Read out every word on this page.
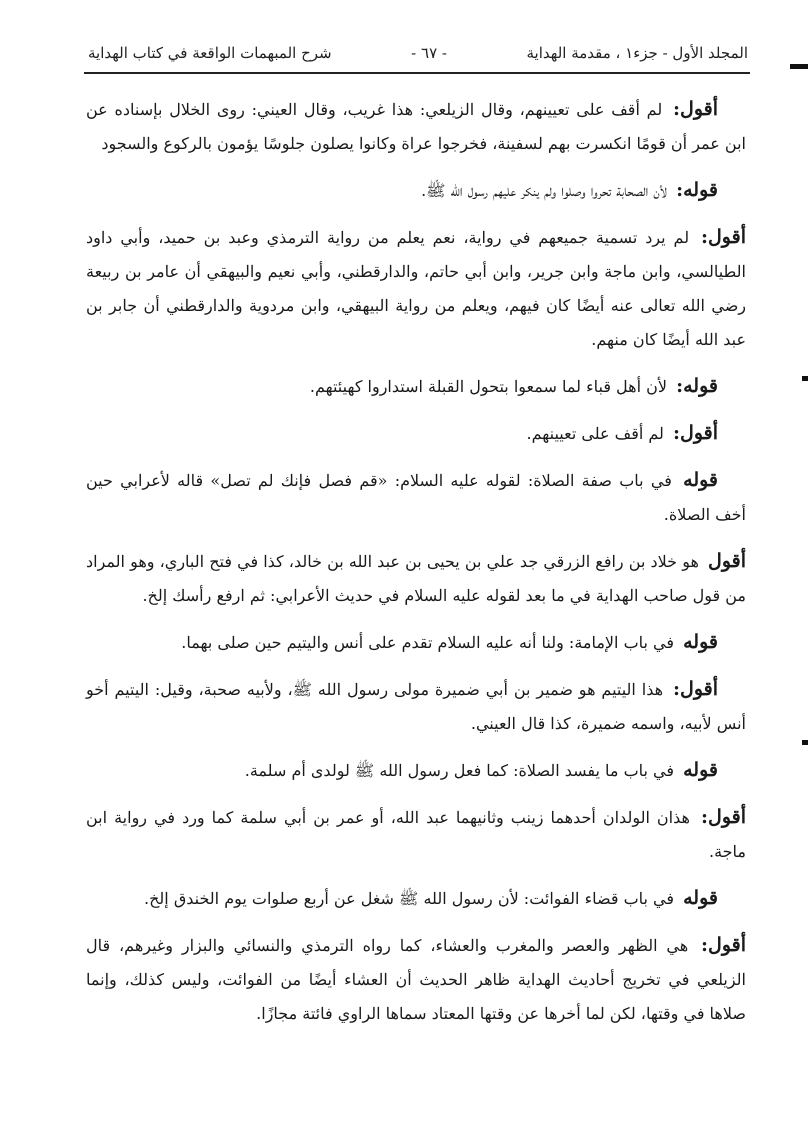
المجلد الأول - جزء١ ، مقدمة الهداية
- ٦٧ -
شرح المبهمات الواقعة في كتاب الهداية

أقول: لم أقف على تعيينهم، وقال الزيلعي: هذا غريب، وقال العيني: روى الخلال بإسناده عن ابن عمر أن قومًا انكسرت بهم لسفينة، فخرجوا عراة وكانوا يصلون جلوسًا يؤمون بالركوع والسجود

قوله: لأن الصحابة تحروا وصلوا ولم ينكر عليهم رسول الله ﷺ.

أقول: لم يرد تسمية جميعهم في رواية، نعم يعلم من رواية الترمذي وعبد بن حميد، وأبي داود الطيالسي، وابن ماجة وابن جرير، وابن أبي حاتم، والدارقطني، وأبي نعيم والبيهقي أن عامر بن ربيعة رضي الله تعالى عنه أيضًا كان فيهم، ويعلم من رواية البيهقي، وابن مردوية والدارقطني أن جابر بن عبد الله أيضًا كان منهم.

قوله: لأن أهل قباء لما سمعوا بتحول القبلة استداروا كهيئتهم.

أقول: لم أقف على تعيينهم.

قوله في باب صفة الصلاة: لقوله عليه السلام: «قم فصل فإنك لم تصل» قاله لأعرابي حين أخف الصلاة.

أقول هو خلاد بن رافع الزرقي جد علي بن يحيى بن عبد الله بن خالد، كذا في فتح الباري، وهو المراد من قول صاحب الهداية في ما بعد لقوله عليه السلام في حديث الأعرابي: ثم ارفع رأسك إلخ.

قوله في باب الإمامة: ولنا أنه عليه السلام تقدم على أنس واليتيم حين صلى بهما.

أقول: هذا اليتيم هو ضمير بن أبي ضميرة مولى رسول الله ﷺ، ولأبيه صحبة، وقيل: اليتيم أخو أنس لأبيه، واسمه ضميرة، كذا قال العيني.

قوله في باب ما يفسد الصلاة: كما فعل رسول الله ﷺ لولدى أم سلمة.

أقول: هذان الولدان أحدهما زينب وثانيهما عبد الله، أو عمر بن أبي سلمة كما ورد في رواية ابن ماجة.

قوله في باب قضاء الفوائت: لأن رسول الله ﷺ شغل عن أربع صلوات يوم الخندق إلخ.

أقول: هي الظهر والعصر والمغرب والعشاء، كما رواه الترمذي والنسائي والبزار وغيرهم، قال الزيلعي في تخريج أحاديث الهداية ظاهر الحديث أن العشاء أيضًا من الفوائت، وليس كذلك، وإنما صلاها في وقتها، لكن لما أخرها عن وقتها المعتاد سماها الراوي فائتة مجازًا.
